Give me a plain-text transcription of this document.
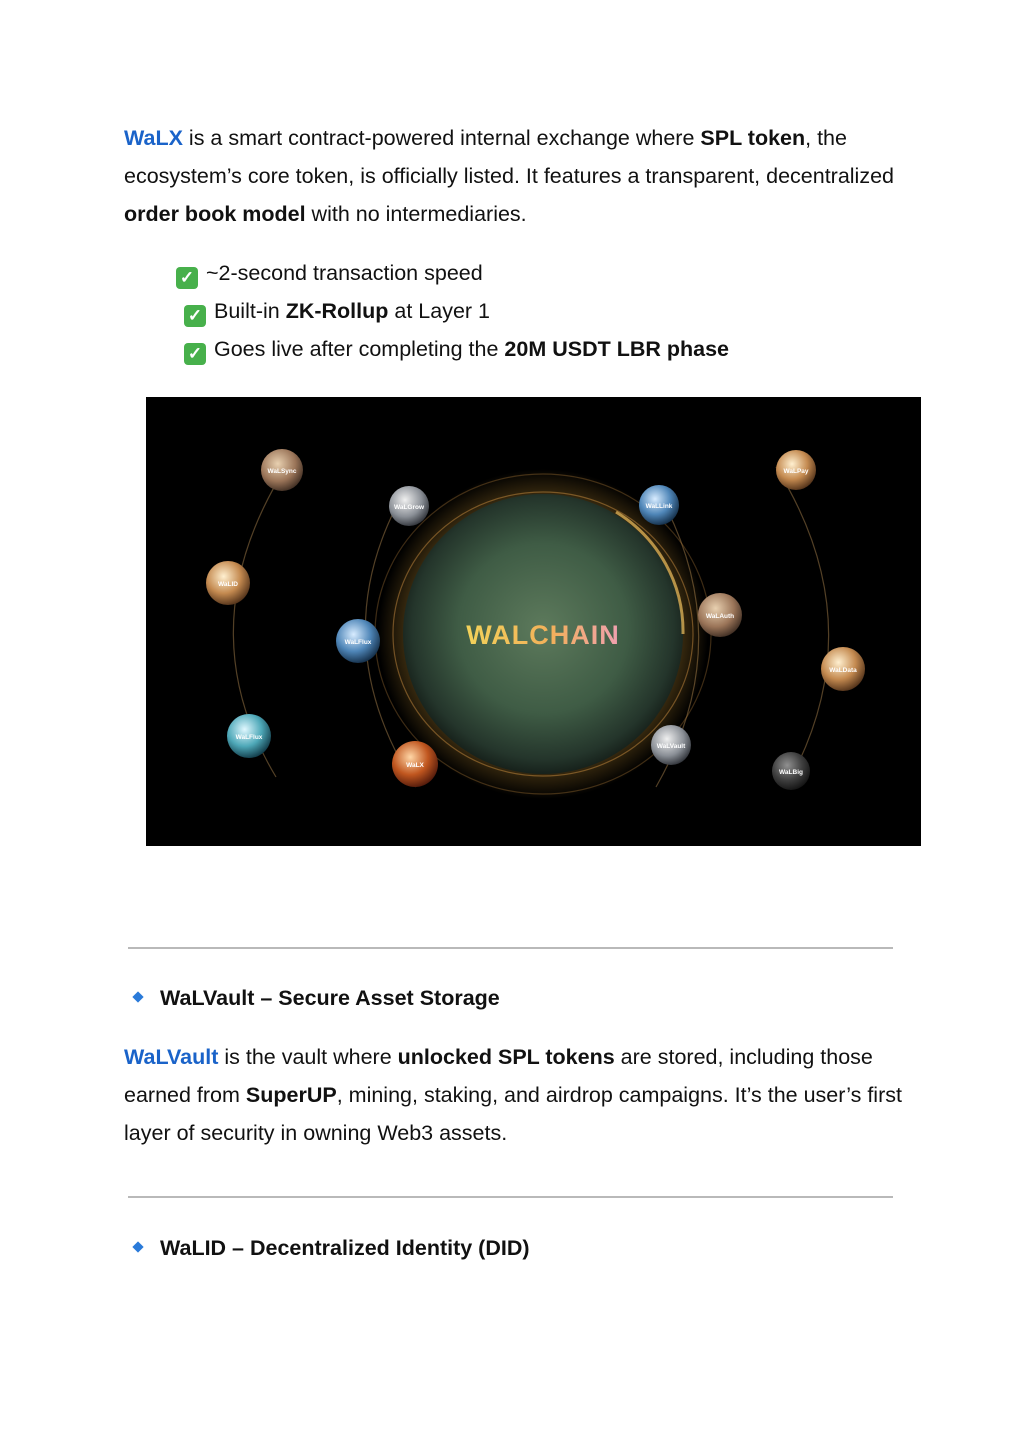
WaLX is a smart contract-powered internal exchange where SPL token, the ecosystem’s core token, is officially listed. It features a transparent, decentralized order book model with no intermediaries.

✓ ~2-second transaction speed
✓ Built-in ZK-Rollup at Layer 1
✓ Goes live after completing the 20M USDT LBR phase
WALCHAIN
WaLSync
WaLGrow
WaLID
WaLFlux
WaLFlux
WaLX
WaLLink
WaLAuth
WaLVault
WaLPay
WaLData
WaLBig
WaLVault – Secure Asset Storage

WaLVault is the vault where unlocked SPL tokens are stored, including those earned from SuperUP, mining, staking, and airdrop campaigns. It’s the user’s first layer of security in owning Web3 assets.

WaLID – Decentralized Identity (DID)
